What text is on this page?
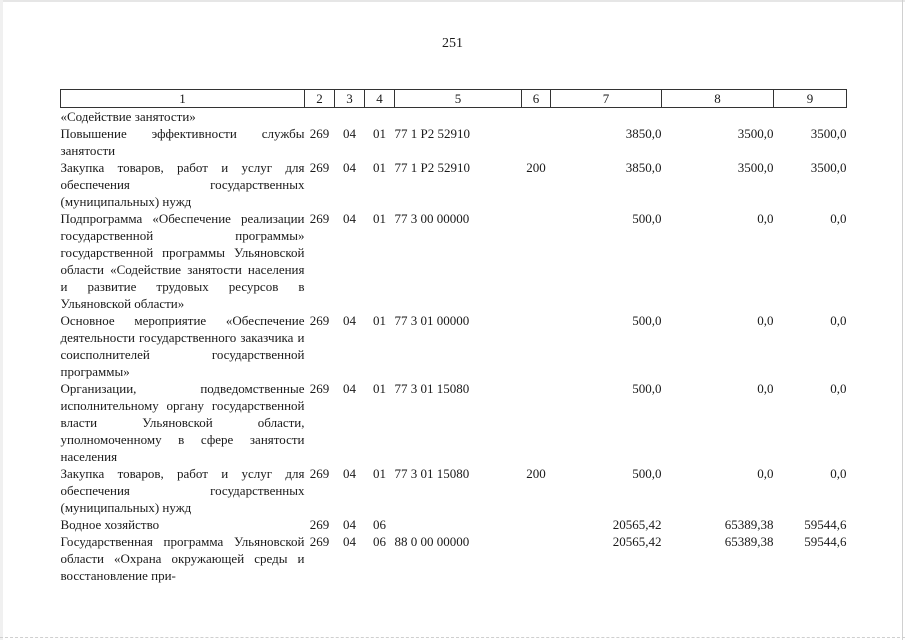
251
1	2	3	4	5	6	7	8	9
«Содействие занятости»								
Повышение эффективности службы занятости	269	04	01	77 1 Р2 52910		3850,0	3500,0	3500,0
Закупка товаров, работ и услуг для обеспечения государственных (муниципальных) нужд	269	04	01	77 1 Р2 52910	200	3850,0	3500,0	3500,0
Подпрограмма «Обеспечение реализации государственной программы» государственной программы Ульяновской области «Содействие занятости населения и развитие трудовых ресурсов в Ульяновской области»	269	04	01	77 3 00 00000		500,0	0,0	0,0
Основное мероприятие «Обеспечение деятельности государственного заказчика и соисполнителей государственной программы»	269	04	01	77 3 01 00000		500,0	0,0	0,0
Организации, подведомственные исполнительному органу государственной власти Ульяновской области, уполномоченному в сфере занятости населения	269	04	01	77 3 01 15080		500,0	0,0	0,0
Закупка товаров, работ и услуг для обеспечения государственных (муниципальных) нужд	269	04	01	77 3 01 15080	200	500,0	0,0	0,0
Водное хозяйство	269	04	06			20565,42	65389,38	59544,6
Государственная программа Ульяновской области «Охрана окружающей среды и восстановление при-	269	04	06	88 0 00 00000		20565,42	65389,38	59544,6
